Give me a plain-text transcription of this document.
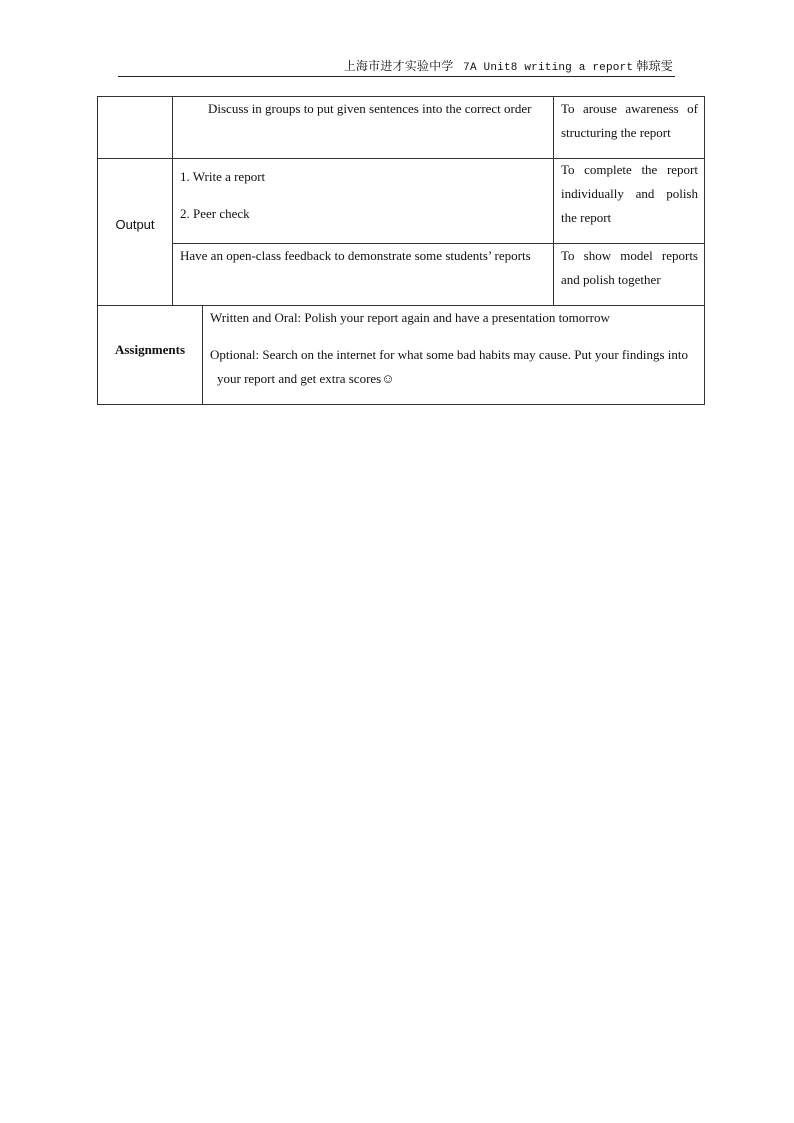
上海市进才实验中学 7A Unit8 writing a report 韩琼雯
Discuss in groups to put given sentences into the correct order	To arouse awareness of structuring the report
Output
1. Write a report
2. Peer check
To complete the report individually and polish the report
Have an open-class feedback to demonstrate some students’ reports	To show model reports and polish together
Assignments
Written and Oral: Polish your report again and have a presentation tomorrow
Optional: Search on the internet for what some bad habits may cause. Put your findings into your report and get extra scores☺
